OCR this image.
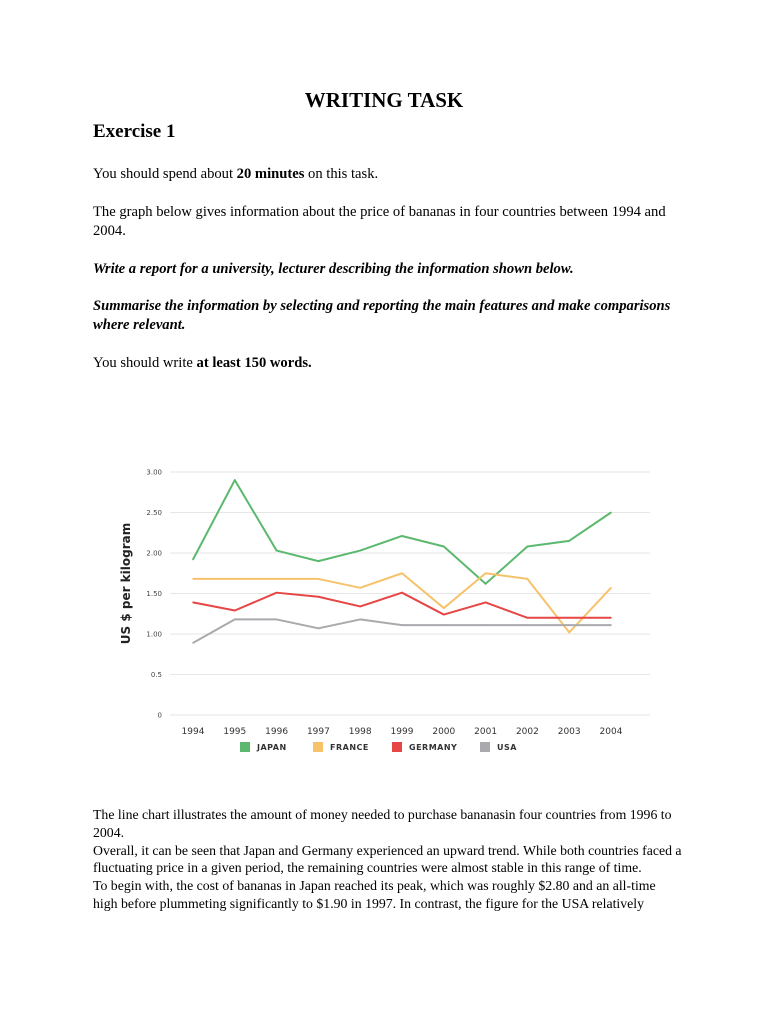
WRITING TASK
Exercise 1
You should spend about 20 minutes on this task.
The graph below gives information about the price of bananas in four countries between 1994 and 2004.
Write a report for a university, lecturer describing the information shown below.
Summarise the information by selecting and reporting the main features and make comparisons where relevant.
You should write at least 150 words.
3.00
2.50
2.00
1.50
1.00
0.5
0
1994 1995 1996 1997 1998 1999 2000 2001 2002 2003 2004
US $ per kilogram
JAPAN	FRANCE	GERMANY	USA

The line chart illustrates the amount of money needed to purchase bananasin four countries from 1996 to 2004.

Overall, it can be seen that Japan and Germany experienced an upward trend. While both countries faced a fluctuating price in a given period, the remaining countries were almost stable in this range of time.

To begin with, the cost of bananas in Japan reached its peak, which was roughly $2.80 and an all-time high before plummeting significantly to $1.90 in 1997. In contrast, the figure for the USA relatively
